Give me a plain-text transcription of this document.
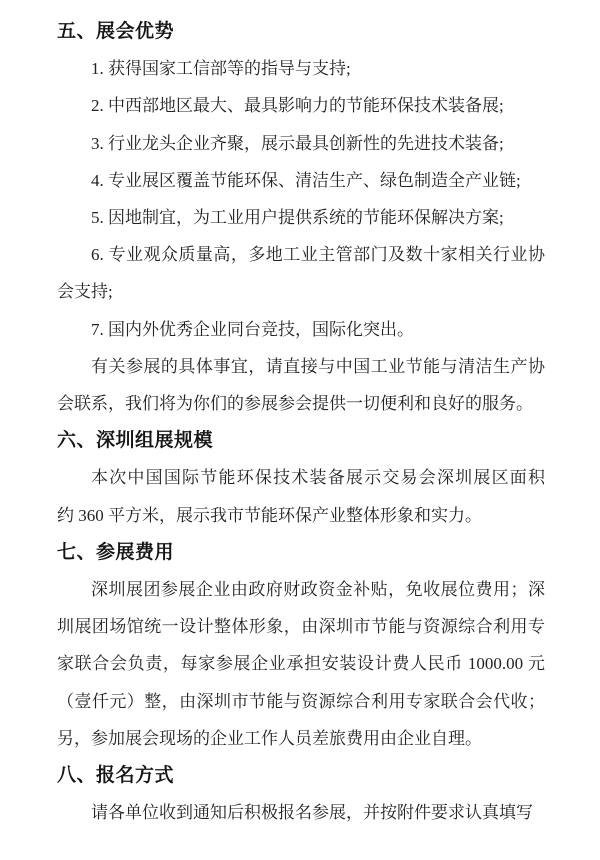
五、展会优势
1. 获得国家工信部等的指导与支持;
2. 中西部地区最大、最具影响力的节能环保技术装备展;
3. 行业龙头企业齐聚，展示最具创新性的先进技术装备;
4. 专业展区覆盖节能环保、清洁生产、绿色制造全产业链;
5. 因地制宜，为工业用户提供系统的节能环保解决方案;
6. 专业观众质量高，多地工业主管部门及数十家相关行业协
会支持;
7. 国内外优秀企业同台竞技，国际化突出。
有关参展的具体事宜，请直接与中国工业节能与清洁生产协
会联系，我们将为你们的参展参会提供一切便利和良好的服务。
六、深圳组展规模
本次中国国际节能环保技术装备展示交易会深圳展区面积
约 360 平方米，展示我市节能环保产业整体形象和实力。
七、参展费用
深圳展团参展企业由政府财政资金补贴，免收展位费用；深
圳展团场馆统一设计整体形象，由深圳市节能与资源综合利用专
家联合会负责，每家参展企业承担安装设计费人民币 1000.00 元
（壹仟元）整，由深圳市节能与资源综合利用专家联合会代收；
另，参加展会现场的企业工作人员差旅费用由企业自理。
八、报名方式
请各单位收到通知后积极报名参展，并按附件要求认真填写
